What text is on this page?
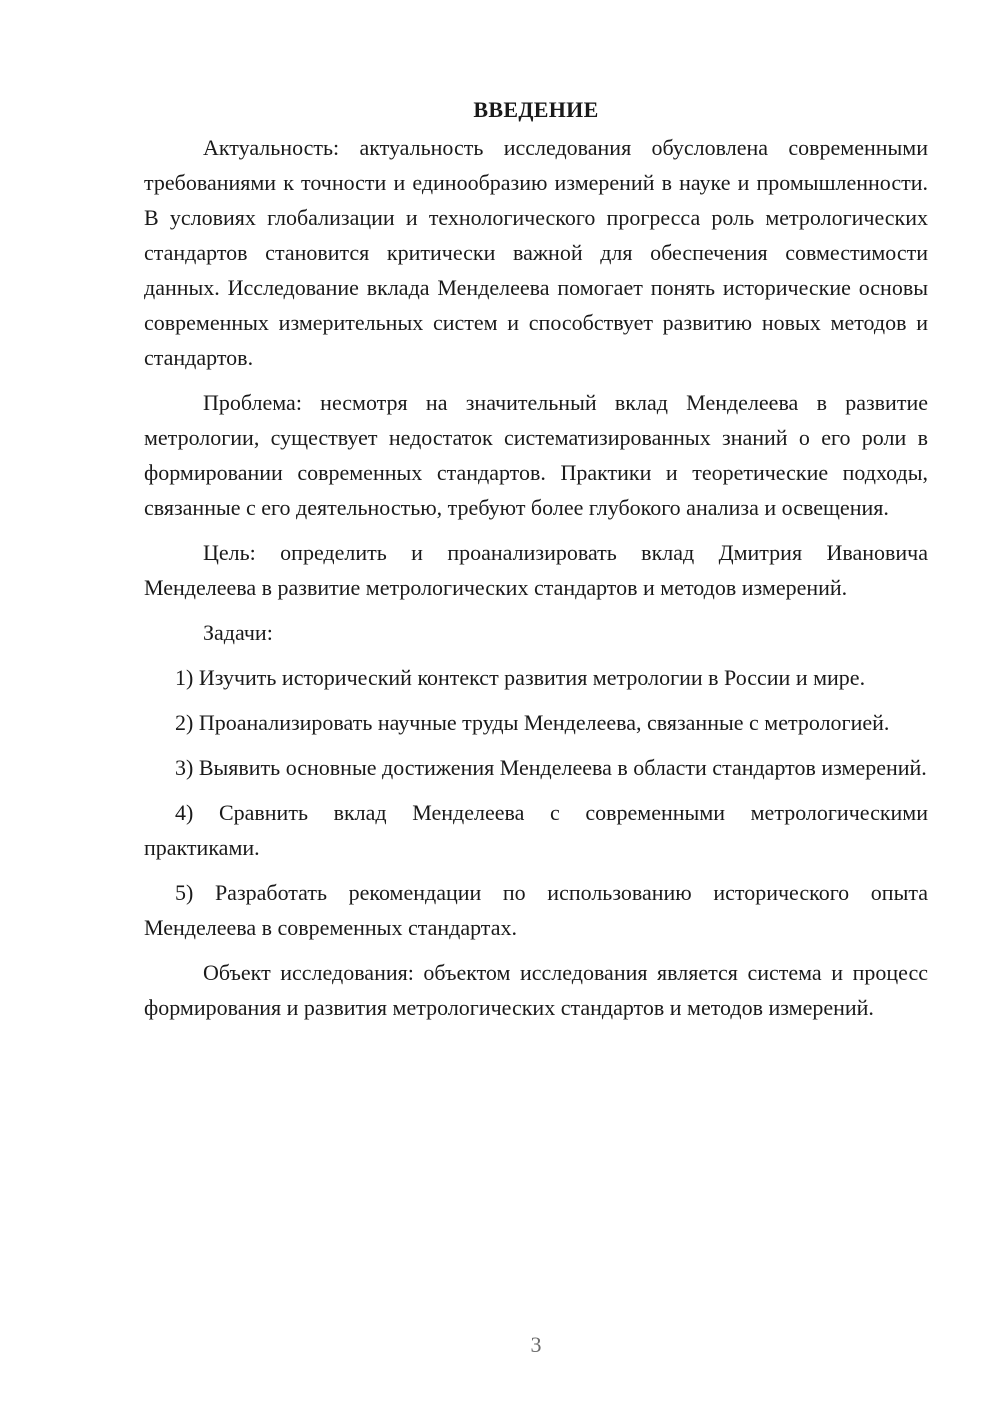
ВВЕДЕНИЕ

Актуальность: актуальность исследования обусловлена современными требованиями к точности и единообразию измерений в науке и промышленности. В условиях глобализации и технологического прогресса роль метрологических стандартов становится критически важной для обеспечения совместимости данных. Исследование вклада Менделеева помогает понять исторические основы современных измерительных систем и способствует развитию новых методов и стандартов.

Проблема: несмотря на значительный вклад Менделеева в развитие метрологии, существует недостаток систематизированных знаний о его роли в формировании современных стандартов. Практики и теоретические подходы, связанные с его деятельностью, требуют более глубокого анализа и освещения.

Цель: определить и проанализировать вклад Дмитрия Ивановича Менделеева в развитие метрологических стандартов и методов измерений.

Задачи:

1) Изучить исторический контекст развития метрологии в России и мире.

2) Проанализировать научные труды Менделеева, связанные с метрологией.

3) Выявить основные достижения Менделеева в области стандартов измерений.

4) Сравнить вклад Менделеева с современными метрологическими практиками.

5) Разработать рекомендации по использованию исторического опыта Менделеева в современных стандартах.

Объект исследования: объектом исследования является система и процесс формирования и развития метрологических стандартов и методов измерений.

3
